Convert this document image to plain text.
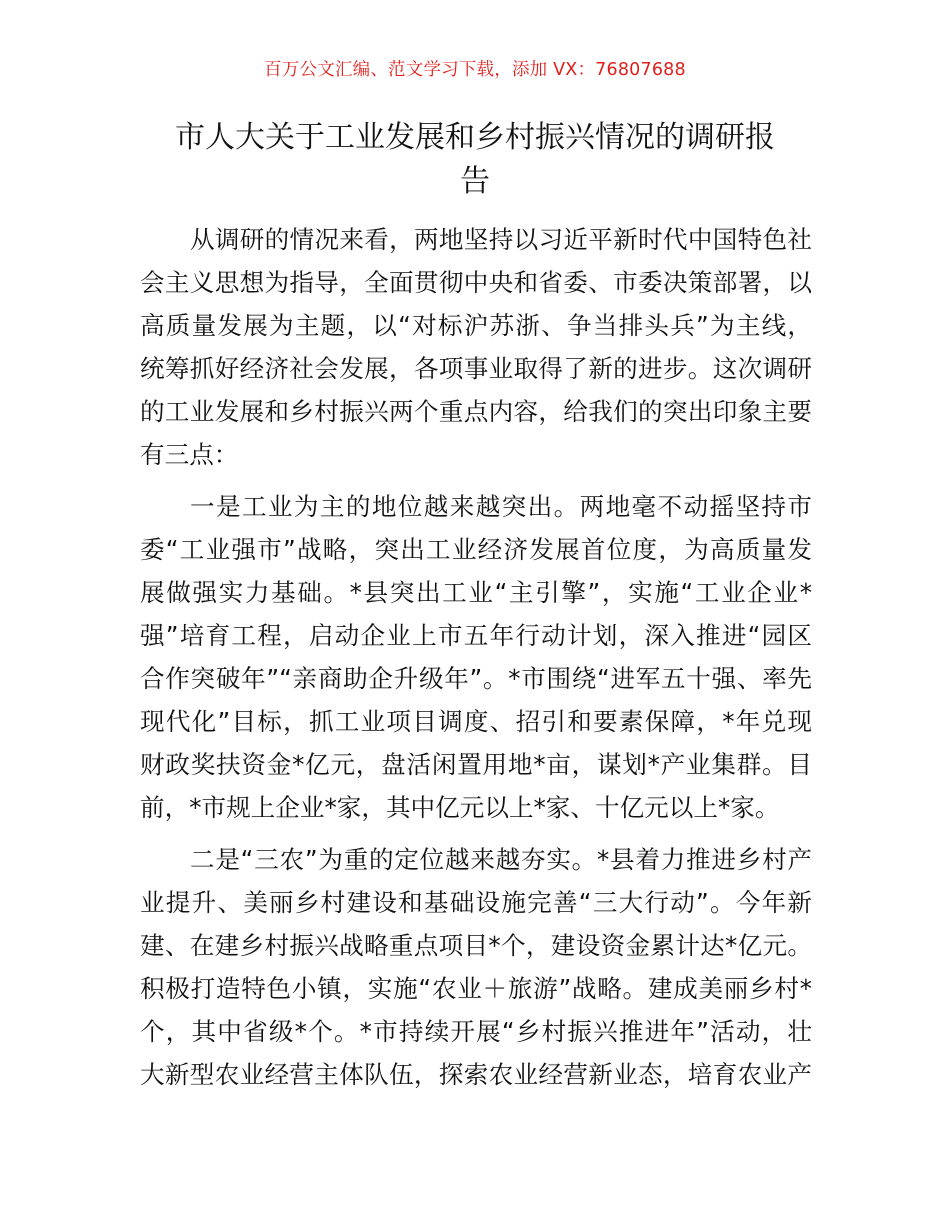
百万公文汇编、范文学习下载，添加 VX：76807688
市人大关于工业发展和乡村振兴情况的调研报
告
从调研的情况来看，两地坚持以习近平新时代中国特色社
会主义思想为指导，全面贯彻中央和省委、市委决策部署，以
高质量发展为主题，以“对标沪苏浙、争当排头兵”为主线，
统筹抓好经济社会发展，各项事业取得了新的进步。这次调研
的工业发展和乡村振兴两个重点内容，给我们的突出印象主要
有三点：
一是工业为主的地位越来越突出。两地毫不动摇坚持市
委“工业强市”战略，突出工业经济发展首位度，为高质量发
展做强实力基础。*县突出工业“主引擎”，实施“工业企业*
强”培育工程，启动企业上市五年行动计划，深入推进“园区
合作突破年”“亲商助企升级年”。*市围绕“进军五十强、率先
现代化”目标，抓工业项目调度、招引和要素保障，*年兑现
财政奖扶资金*亿元，盘活闲置用地*亩，谋划*产业集群。目
前，*市规上企业*家，其中亿元以上*家、十亿元以上*家。
二是“三农”为重的定位越来越夯实。*县着力推进乡村产
业提升、美丽乡村建设和基础设施完善“三大行动”。今年新
建、在建乡村振兴战略重点项目*个，建设资金累计达*亿元。
积极打造特色小镇，实施“农业＋旅游”战略。建成美丽乡村*
个，其中省级*个。*市持续开展“乡村振兴推进年”活动，壮
大新型农业经营主体队伍，探索农业经营新业态，培育农业产
